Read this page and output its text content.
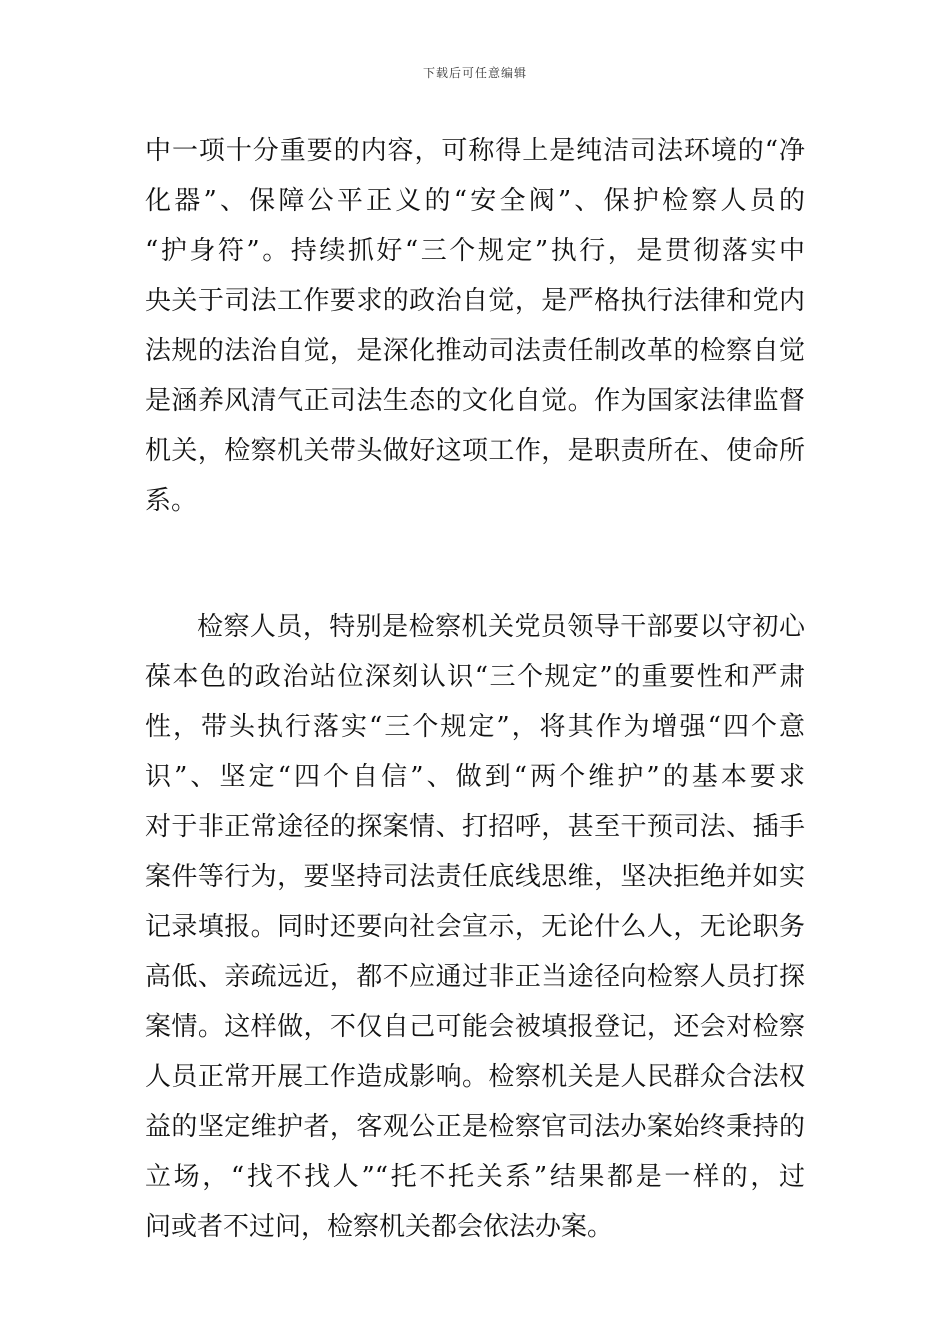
下载后可任意编辑
中一项十分重要的内容，可称得上是纯洁司法环境的“净
化器”、保障公平正义的“安全阀”、保护检察人员的
“护身符”。持续抓好“三个规定”执行，是贯彻落实中
央关于司法工作要求的政治自觉，是严格执行法律和党内
法规的法治自觉，是深化推动司法责任制改革的检察自觉
是涵养风清气正司法生态的文化自觉。作为国家法律监督
机关，检察机关带头做好这项工作，是职责所在、使命所
系。
检察人员，特别是检察机关党员领导干部要以守初心
葆本色的政治站位深刻认识“三个规定”的重要性和严肃
性，带头执行落实“三个规定”，将其作为增强“四个意
识”、坚定“四个自信”、做到“两个维护”的基本要求
对于非正常途径的探案情、打招呼，甚至干预司法、插手
案件等行为，要坚持司法责任底线思维，坚决拒绝并如实
记录填报。同时还要向社会宣示，无论什么人，无论职务
高低、亲疏远近，都不应通过非正当途径向检察人员打探
案情。这样做，不仅自己可能会被填报登记，还会对检察
人员正常开展工作造成影响。检察机关是人民群众合法权
益的坚定维护者，客观公正是检察官司法办案始终秉持的
立场，“找不找人”“托不托关系”结果都是一样的，过
问或者不过问，检察机关都会依法办案。
